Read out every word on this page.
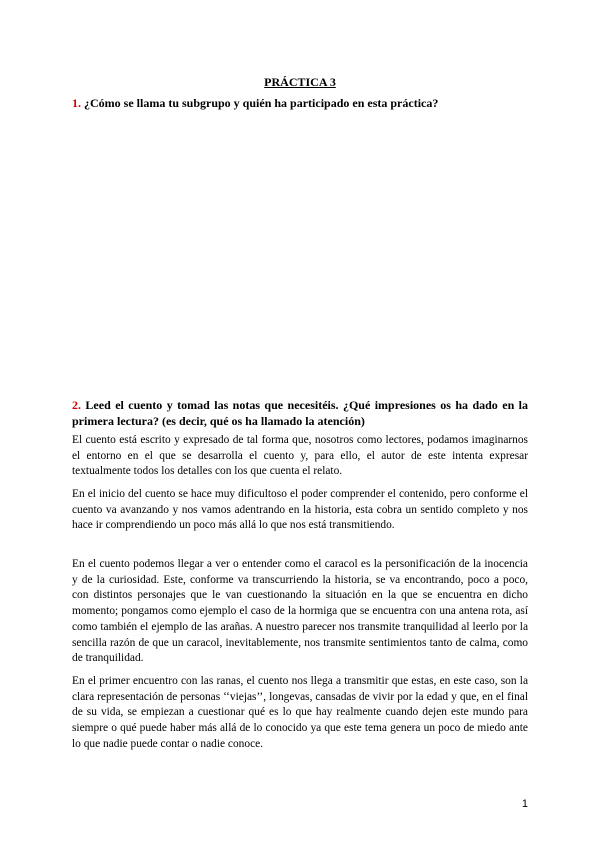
PRÁCTICA 3

1. ¿Cómo se llama tu subgrupo y quién ha participado en esta práctica?

2. Leed el cuento y tomad las notas que necesitéis. ¿Qué impresiones os ha dado en la primera lectura? (es decir, qué os ha llamado la atención)

El cuento está escrito y expresado de tal forma que, nosotros como lectores, podamos imaginarnos el entorno en el que se desarrolla el cuento y, para ello, el autor de este intenta expresar textualmente todos los detalles con los que cuenta el relato.

En el inicio del cuento se hace muy dificultoso el poder comprender el contenido, pero conforme el cuento va avanzando y nos vamos adentrando en la historia, esta cobra un sentido completo y nos hace ir comprendiendo un poco más allá lo que nos está transmitiendo.

En el cuento podemos llegar a ver o entender como el caracol es la personificación de la inocencia y de la curiosidad. Este, conforme va transcurriendo la historia, se va encontrando, poco a poco, con distintos personajes que le van cuestionando la situación en la que se encuentra en dicho momento; pongamos como ejemplo el caso de la hormiga que se encuentra con una antena rota, así como también el ejemplo de las arañas. A nuestro parecer nos transmite tranquilidad al leerlo por la sencilla razón de que un caracol, inevitablemente, nos transmite sentimientos tanto de calma, como de tranquilidad.

En el primer encuentro con las ranas, el cuento nos llega a transmitir que estas, en este caso, son la clara representación de personas ‘‘viejas’’, longevas, cansadas de vivir por la edad y que, en el final de su vida, se empiezan a cuestionar qué es lo que hay realmente cuando dejen este mundo para siempre o qué puede haber más allá de lo conocido ya que este tema genera un poco de miedo ante lo que nadie puede contar o nadie conoce.

1
